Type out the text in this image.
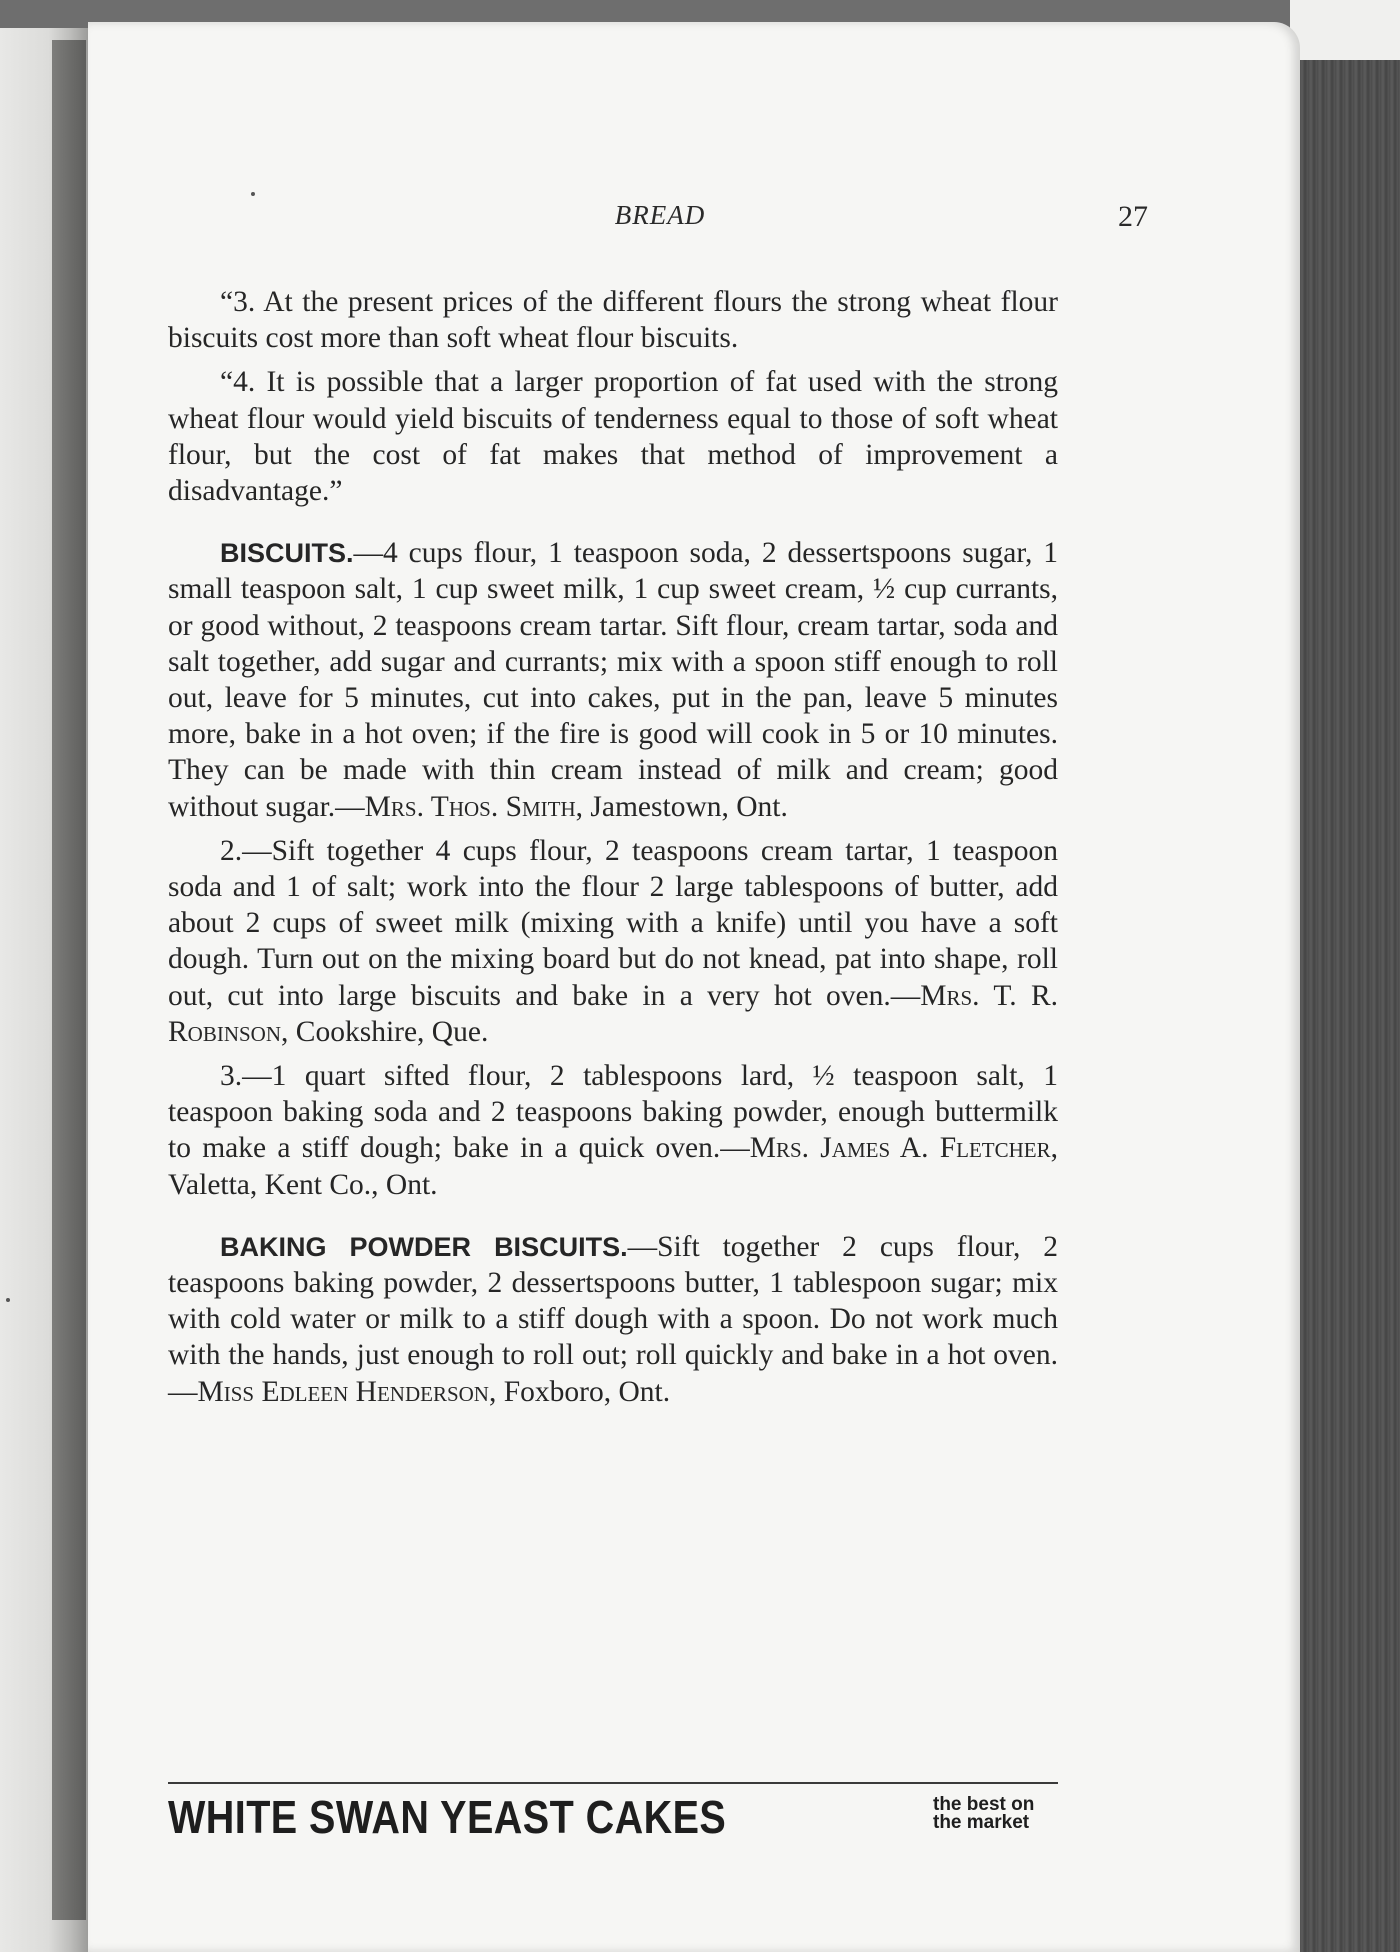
BREAD	27

“3. At the present prices of the different flours the strong wheat flour biscuits cost more than soft wheat flour biscuits.

“4. It is possible that a larger proportion of fat used with the strong wheat flour would yield biscuits of tenderness equal to those of soft wheat flour, but the cost of fat makes that method of improvement a disadvantage.”

BISCUITS.—4 cups flour, 1 teaspoon soda, 2 dessertspoons sugar, 1 small teaspoon salt, 1 cup sweet milk, 1 cup sweet cream, ½ cup currants, or good without, 2 teaspoons cream tartar. Sift flour, cream tartar, soda and salt together, add sugar and currants; mix with a spoon stiff enough to roll out, leave for 5 minutes, cut into cakes, put in the pan, leave 5 minutes more, bake in a hot oven; if the fire is good will cook in 5 or 10 minutes. They can be made with thin cream instead of milk and cream; good without sugar.—Mrs. Thos. Smith, Jamestown, Ont.

2.—Sift together 4 cups flour, 2 teaspoons cream tartar, 1 teaspoon soda and 1 of salt; work into the flour 2 large tablespoons of butter, add about 2 cups of sweet milk (mixing with a knife) until you have a soft dough. Turn out on the mixing board but do not knead, pat into shape, roll out, cut into large biscuits and bake in a very hot oven.—Mrs. T. R. Robinson, Cookshire, Que.

3.—1 quart sifted flour, 2 tablespoons lard, ½ teaspoon salt, 1 teaspoon baking soda and 2 teaspoons baking powder, enough buttermilk to make a stiff dough; bake in a quick oven.—Mrs. James A. Fletcher, Valetta, Kent Co., Ont.

BAKING POWDER BISCUITS.—Sift together 2 cups flour, 2 teaspoons baking powder, 2 dessertspoons butter, 1 tablespoon sugar; mix with cold water or milk to a stiff dough with a spoon. Do not work much with the hands, just enough to roll out; roll quickly and bake in a hot oven.—Miss Edleen Henderson, Foxboro, Ont.

WHITE SWAN YEAST CAKES	the best on the market
